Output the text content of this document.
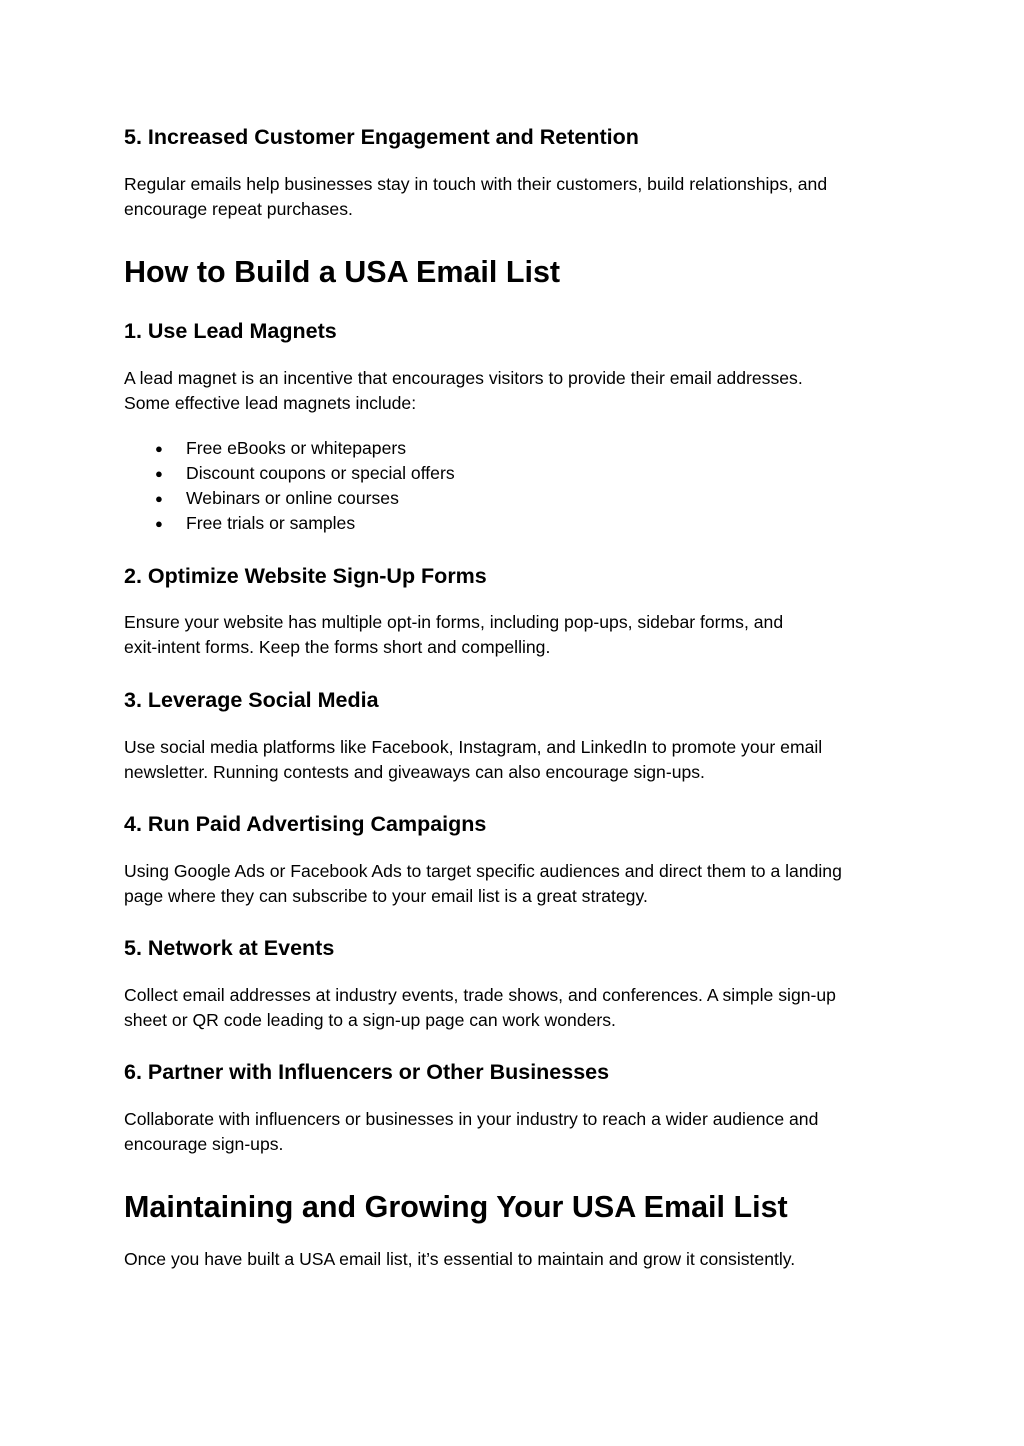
5. Increased Customer Engagement and Retention

Regular emails help businesses stay in touch with their customers, build relationships, and
encourage repeat purchases.

How to Build a USA Email List
1. Use Lead Magnets

A lead magnet is an incentive that encourages visitors to provide their email addresses.
Some effective lead magnets include:

● Free eBooks or whitepapers
● Discount coupons or special offers
● Webinars or online courses
● Free trials or samples
2. Optimize Website Sign-Up Forms

Ensure your website has multiple opt-in forms, including pop-ups, sidebar forms, and
exit-intent forms. Keep the forms short and compelling.

3. Leverage Social Media

Use social media platforms like Facebook, Instagram, and LinkedIn to promote your email
newsletter. Running contests and giveaways can also encourage sign-ups.

4. Run Paid Advertising Campaigns

Using Google Ads or Facebook Ads to target specific audiences and direct them to a landing
page where they can subscribe to your email list is a great strategy.

5. Network at Events

Collect email addresses at industry events, trade shows, and conferences. A simple sign-up
sheet or QR code leading to a sign-up page can work wonders.

6. Partner with Influencers or Other Businesses

Collaborate with influencers or businesses in your industry to reach a wider audience and
encourage sign-ups.

Maintaining and Growing Your USA Email List

Once you have built a USA email list, it’s essential to maintain and grow it consistently.
